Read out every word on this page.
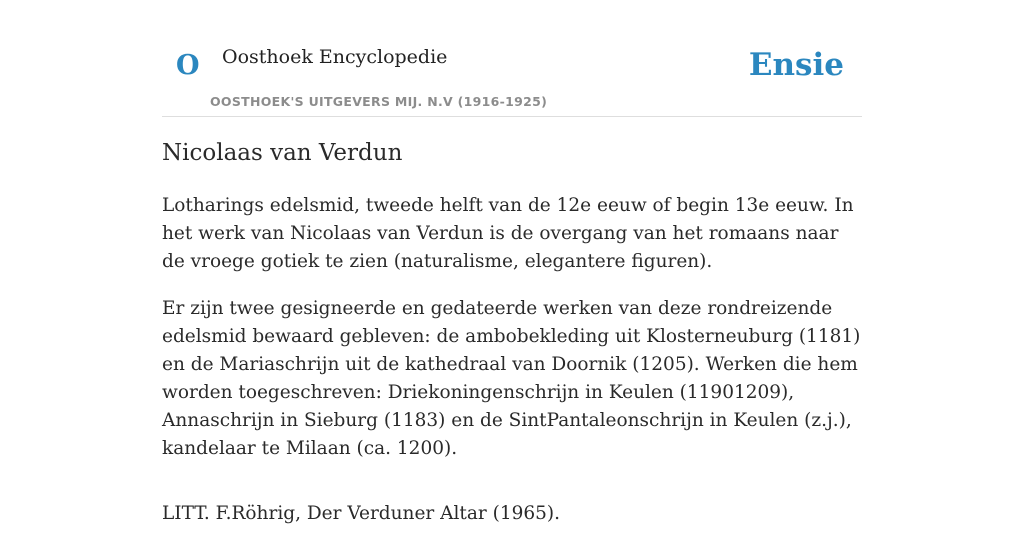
O Oosthoek Encyclopedie
OOSTHOEK'S UITGEVERS MIJ. N.V (1916-1925)
Ensie
Nicolaas van Verdun

Lotharings edelsmid, tweede helft van de 12e eeuw of begin 13e eeuw. In het werk van Nicolaas van Verdun is de overgang van het romaans naar de vroege gotiek te zien (naturalisme, elegantere figuren).

Er zijn twee gesigneerde en gedateerde werken van deze rondreizende edelsmid bewaard gebleven: de ambobekleding uit Klosterneuburg (1181) en de Mariaschrijn uit de kathedraal van Doornik (1205). Werken die hem worden toegeschreven: Driekoningenschrijn in Keulen (11901209), Annaschrijn in Sieburg (1183) en de SintPantaleonschrijn in Keulen (z.j.), kandelaar te Milaan (ca. 1200).

LITT. F.Röhrig, Der Verduner Altar (1965).
